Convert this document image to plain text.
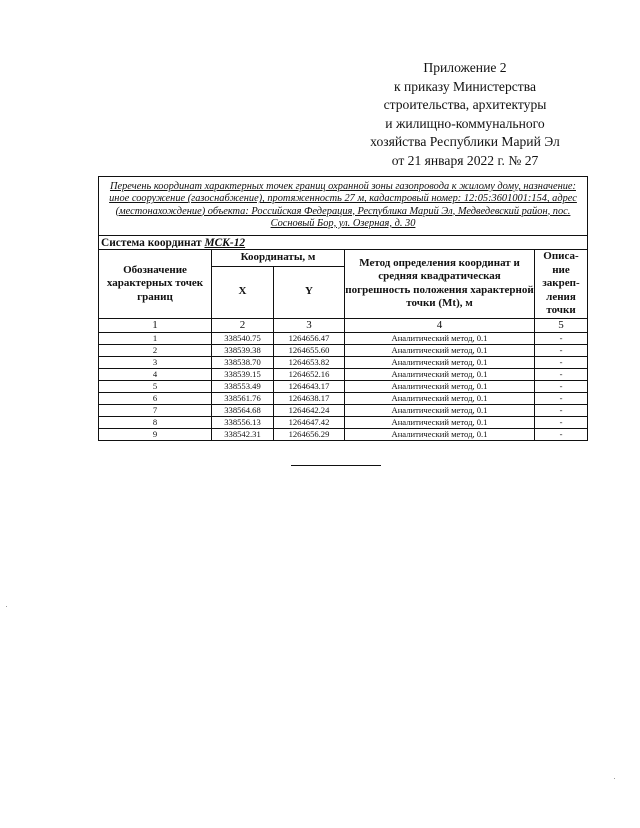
Приложение 2
к приказу Министерства
строительства, архитектуры
и жилищно-коммунального
хозяйства Республики Марий Эл
от 21 января 2022 г. № 27
Перечень координат характерных точек границ охранной зоны газопровода к жилому дому, назначение: иное сооружение (газоснабжение), протяженность 27 м, кадастровый номер: 12:05:3601001:154, адрес (местонахождение) объекта: Российская Федерация, Республика Марий Эл, Медведевский район, пос. Сосновый Бор, ул. Озерная, д. 30				
Система координат МСК-12				
Обозначение характерных точек границ	Координаты, м		Метод определения координат и средняя квадратическая погрешность положения характерной точки (Mt), м	Описа-ние закреп-ления точки
	X	Y		
1	2	3	4	5
1	338540.75	1264656.47	Аналитический метод, 0.1	-
2	338539.38	1264655.60	Аналитический метод, 0.1	-
3	338538.70	1264653.82	Аналитический метод, 0.1	-
4	338539.15	1264652.16	Аналитический метод, 0.1	-
5	338553.49	1264643.17	Аналитический метод, 0.1	-
6	338561.76	1264638.17	Аналитический метод, 0.1	-
7	338564.68	1264642.24	Аналитический метод, 0.1	-
8	338556.13	1264647.42	Аналитический метод, 0.1	-
9	338542.31	1264656.29	Аналитический метод, 0.1	-
